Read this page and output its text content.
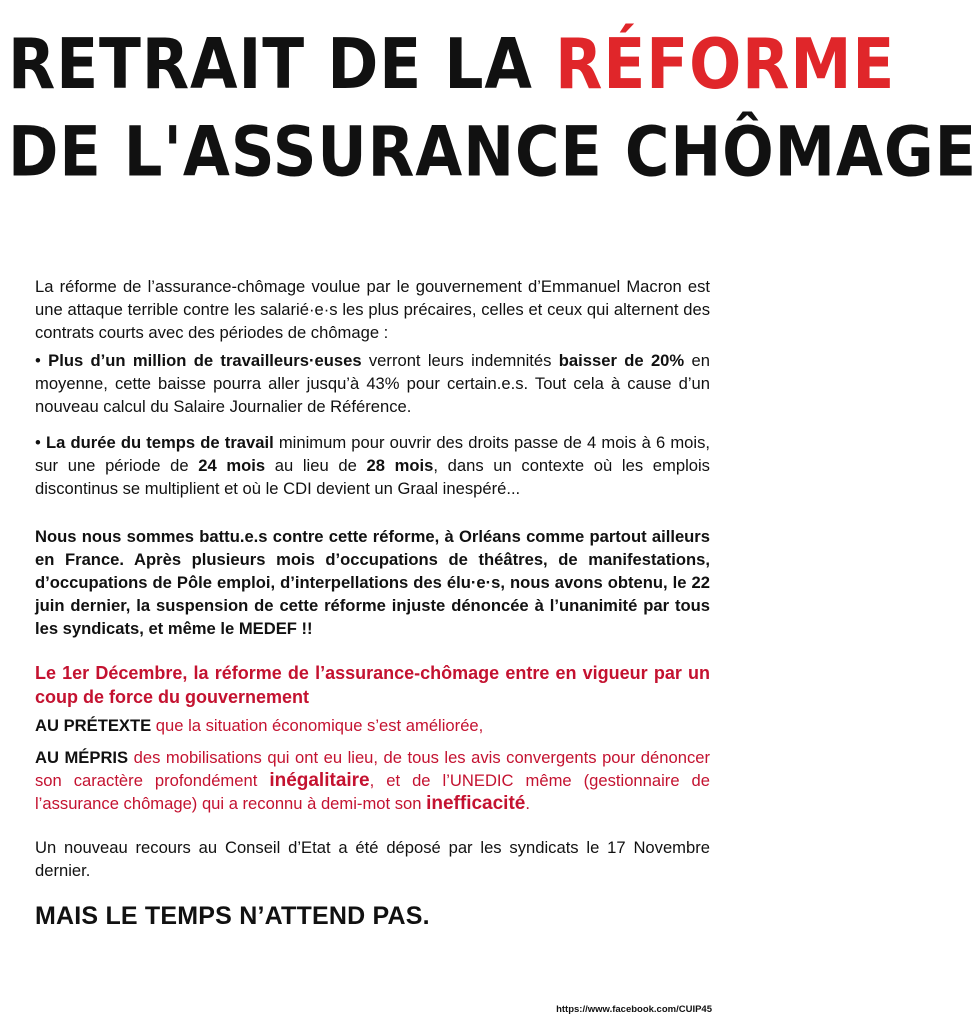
RETRAIT DE LA RÉFORME
DE L'ASSURANCE CHÔMAGE

La réforme de l’assurance-chômage voulue par le gouvernement d’Emmanuel Macron est une attaque terrible contre les salarié·e·s les plus précaires, celles et ceux qui alternent des contrats courts avec des périodes de chômage :

• Plus d’un million de travailleurs·euses verront leurs indemnités baisser de 20% en moyenne, cette baisse pourra aller jusqu’à 43% pour certain.e.s. Tout cela à cause d’un nouveau calcul du Salaire Journalier de Référence.

• La durée du temps de travail minimum pour ouvrir des droits passe de 4 mois à 6 mois, sur une période de 24 mois au lieu de 28 mois, dans un contexte où les emplois discontinus se multiplient et où le CDI devient un Graal inespéré...

Nous nous sommes battu.e.s contre cette réforme, à Orléans comme partout ailleurs en France. Après plusieurs mois d’occupations de théâtres, de manifestations, d’occupations de Pôle emploi, d’interpellations des élu·e·s, nous avons obtenu, le 22 juin dernier, la suspension de cette réforme injuste dénoncée à l’unanimité par tous les syndicats, et même le MEDEF !!

Le 1er Décembre, la réforme de l’assurance-chômage entre en vigueur par un coup de force du gouvernement

AU PRÉTEXTE que la situation économique s’est améliorée,

AU MÉPRIS des mobilisations qui ont eu lieu, de tous les avis convergents pour dénoncer son caractère profondément inégalitaire, et de l’UNEDIC même (gestionnaire de l’assurance chômage) qui a reconnu à demi-mot son inefficacité.

Un nouveau recours au Conseil d’Etat a été déposé par les syndicats le 17 Novembre dernier.

MAIS LE TEMPS N’ATTEND PAS.
https://www.facebook.com/CUIP45
